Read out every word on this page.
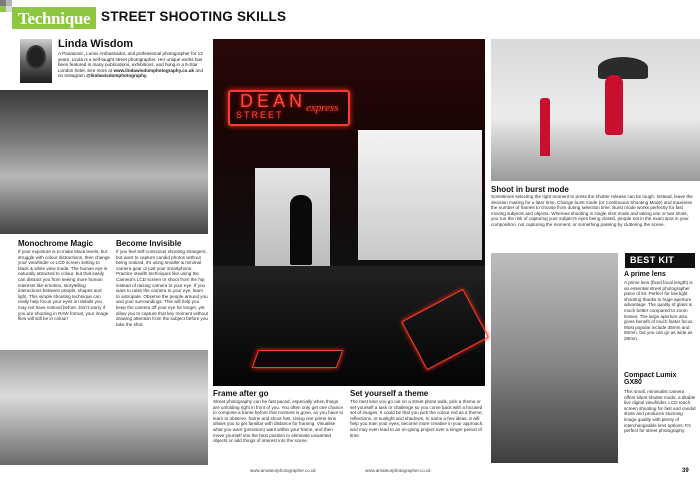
Technique STREET SHOOTING SKILLS
Linda Wisdom
A Panasonic, Lumix Ambassador, and professional photographer for 12 years. Linda is a self-taught street photographer. Her unique works has been featured in many publications, exhibitions, and hung in a 5-Star London hotel. See more at www.lindawisdomphotography.co.uk and on Instagram @lindawisdomphotography.
DEAN
STREET
express
Monochrome Magic
If your exposure is to make black levels, but struggle with colour distractions, then change your viewfinder or LCD screen setting to black & white view mode. The human eye is naturally attracted to colour, but that easily can distract you from seeing more human interests like emotion, storytelling interactions between people, shapes and light. This simple shooting technique can really help focus your eyes on details you may not have noticed before. Don't worry if you are shooting in RAW format, your image files will still be in colour!
Become Invisible
If you feel self-conscious shooting strangers, but want to capture candid photos without being noticed, it's using smaller & minimal camera gear or just your smartphone. Practice stealth techniques like using the Camera's LCD screen or shoot from the hip instead of raising camera to your eye. If you want to raise the camera to your eye, learn to anticipate. Observe the people around you and your surroundings. This will help you keep the camera off your eye for longer, yet allow you to capture that key moment without drawing attention from the subject before you take the shot.
Shoot in burst mode
Sometimes selecting the right moment to press the shutter release can be tough. Instead, leave the decision making for a later time. Change burst mode (or Continuous Shooting Mode) and maximise the number of frames to choose from during selection time. Burst mode works perfectly for fast moving subjects and objects. Whereas shooting in single shot mode and taking one or two shots, you run the risk of capturing your subject's eyes being closed, people not in the exact spot in your composition, not capturing the moment, or something passing by cluttering the scene.
Frame after go
Street photography can be fast paced, especially when things are unfolding right in front of you. You often only get one chance to compose a frame before that moment is gone, so you have to learn to observe, frame and shoot fast. Using one prime lens allows you to get familiar with distance for framing. Visualise what you want (precision) want within your frame, and then move yourself into the best position to eliminate unwanted objects or add things of interest into the scene.
Set yourself a theme
The best time you go out on a street photo walk, pick a theme or set yourself a task or challenge so you come back with a focused set of images. It could be that you pick the colour red as a theme, reflections, or sunlight and shadows, to name a few ideas. It will help you train your eyes, become more creative in your approach, and may even lead to an on-going project over a longer period of time.
BEST KIT
A prime lens
A prime lens (fixed focal length) is an essential street photographer piece of kit. Perfect for low light shooting thanks to huge aperture advantage. The quality of glass is much better compared to zoom lenses. The large aperture also gives benefit of much faster focus. Most popular include 35mm and 50mm, but you can go as wide as 28mm.
Compact Lumix GX80
This small, minimalist camera offers silent shutter mode, a tiltable live digital viewfinder, LCD touch screen shooting for fast and candid shots and produces stunning image quality with plenty of interchangeable lens options. It's perfect for street photography.
www.amateurphotographer.co.uk	www.amateurphotographer.co.uk	39
